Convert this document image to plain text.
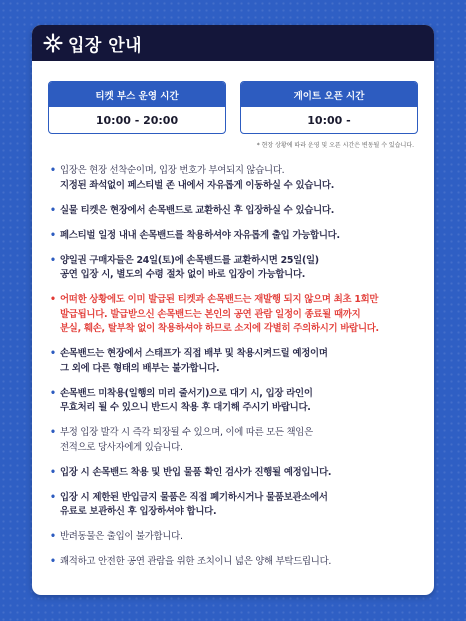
입장 안내
티켓 부스 운영 시간
10:00 - 20:00
게이트 오픈 시간
10:00 -
* 현장 상황에 따라 운영 및 오픈 시간은 변동될 수 있습니다.
• 입장은 현장 선착순이며, 입장 번호가 부여되지 않습니다.
지정된 좌석없이 페스티벌 존 내에서 자유롭게 이동하실 수 있습니다.
• 실물 티켓은 현장에서 손목밴드로 교환하신 후 입장하실 수 있습니다.
• 페스티벌 일정 내내 손목밴드를 착용하셔야 자유롭게 출입 가능합니다.
• 양일권 구매자들은 24일(토)에 손목밴드를 교환하시면 25일(일)
공연 입장 시, 별도의 수령 절차 없이 바로 입장이 가능합니다.
• 어떠한 상황에도 이미 발급된 티켓과 손목밴드는 재발행 되지 않으며 최초 1회만
발급됩니다. 발급받으신 손목밴드는 본인의 공연 관람 일정이 종료될 때까지
분실, 훼손, 탈부착 없이 착용하셔야 하므로 소지에 각별히 주의하시기 바랍니다.
• 손목밴드는 현장에서 스태프가 직접 배부 및 착용시켜드릴 예정이며
그 외에 다른 형태의 배부는 불가합니다.
• 손목밴드 미착용(일행의 미리 줄서기)으로 대기 시, 입장 라인이
무효처리 될 수 있으니 반드시 착용 후 대기해 주시기 바랍니다.
• 부정 입장 발각 시 즉각 퇴장될 수 있으며, 이에 따른 모든 책임은
전적으로 당사자에게 있습니다.
• 입장 시 손목밴드 착용 및 반입 물품 확인 검사가 진행될 예정입니다.
• 입장 시 제한된 반입금지 물품은 직접 폐기하시거나 물품보관소에서
유료로 보관하신 후 입장하셔야 합니다.
• 반려동물은 출입이 불가합니다.
• 쾌적하고 안전한 공연 관람을 위한 조치이니 넓은 양해 부탁드립니다.
